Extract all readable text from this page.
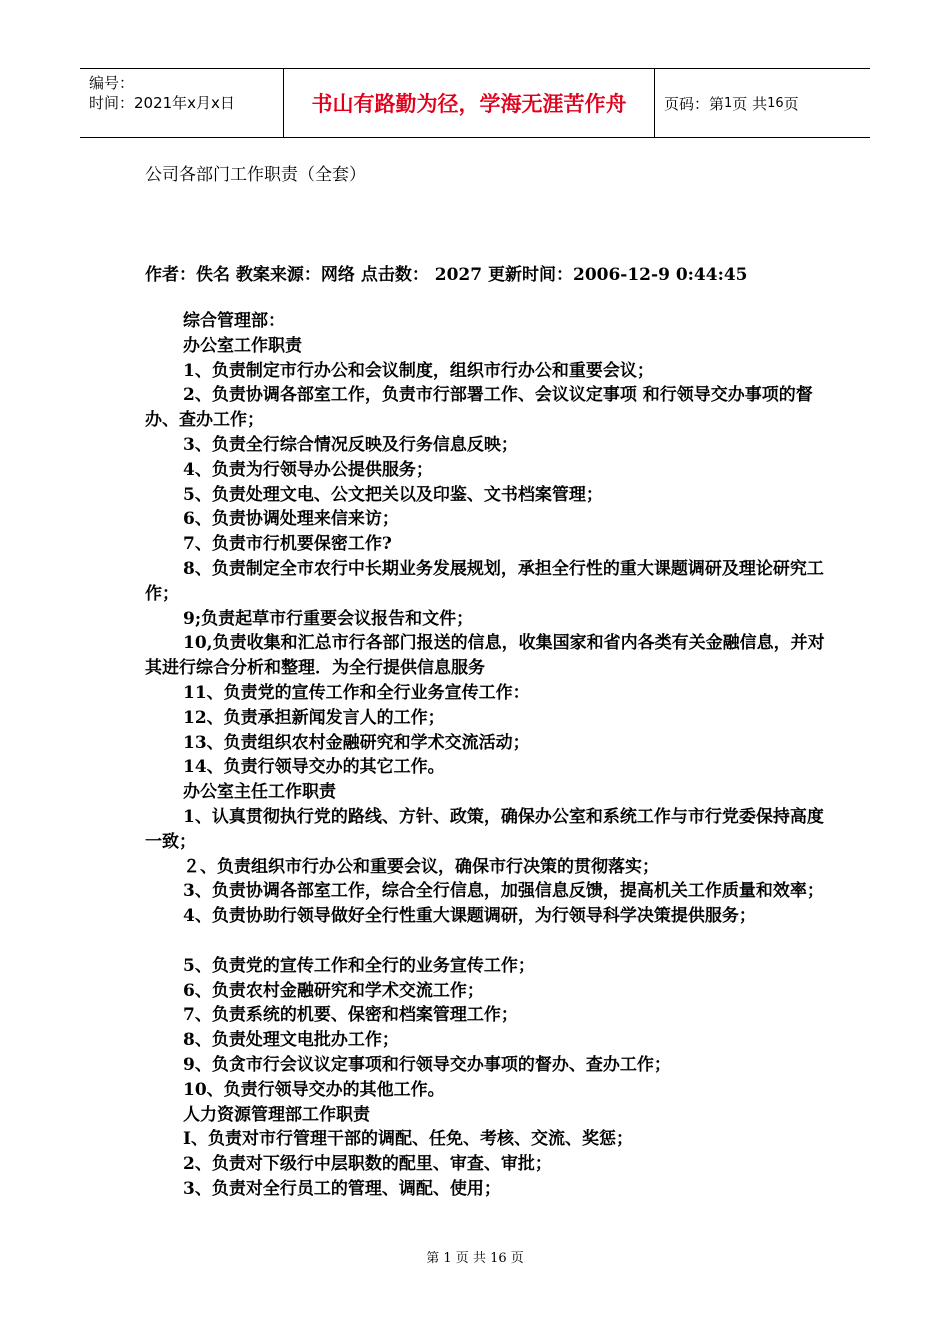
编号：
时间：2021年x月x日	书山有路勤为径，学海无涯苦作舟	页码：第 1 页 共 16 页
公司各部门工作职责（全套）
作者：佚名 教案来源：网络 点击数： 2027 更新时间：2006-12-9 0:44:45

综合管理部：

办公室工作职责

1、负责制定市行办公和会议制度，组织市行办公和重要会议；

2、负责协调各部室工作，负责市行部署工作、会议议定事项 和行领导交办事项的督办、查办工作；

3、负责全行综合情况反映及行务信息反映；

4、负责为行领导办公提供服务；

5、负责处理文电、公文把关以及印鉴、文书档案管理；

6、负责协调处理来信来访；

7、负责市行机要保密工作?

8、负责制定全市农行中长期业务发展规划，承担全行性的重大课题调研及理论研究工作；

9;负责起草市行重要会议报告和文件；

10,负责收集和汇总市行各部门报送的信息，收集国家和省内各类有关金融信息，并对其进行综合分析和整理．为全行提供信息服务

11、负责党的宣传工作和全行业务宣传工作：

12、负责承担新闻发言人的工作；

13、负责组织农村金融研究和学术交流活动；

14、负责行领导交办的其它工作。

办公室主任工作职责

1、认真贯彻执行党的路线、方针、政策，确保办公室和系统工作与市行党委保持高度一致；

２、负责组织市行办公和重要会议，确保市行决策的贯彻落实；

3、负责协调各部室工作，综合全行信息，加强信息反馈，提高机关工作质量和效率；

4、负责协助行领导做好全行性重大课题调研，为行领导科学决策提供服务；

5、负责党的宣传工作和全行的业务宣传工作；

6、负责农村金融研究和学术交流工作；

7、负责系统的机要、保密和档案管理工作；

8、负责处理文电批办工作；

9、负贪市行会议议定事项和行领导交办事项的督办、查办工作；

10、负责行领导交办的其他工作。

人力资源管理部工作职责

I、负责对市行管理干部的调配、任免、考核、交流、奖惩；

2、负责对下级行中层职数的配里、审查、审批；

3、负责对全行员工的管理、调配、使用；

第 1 页 共 16 页
